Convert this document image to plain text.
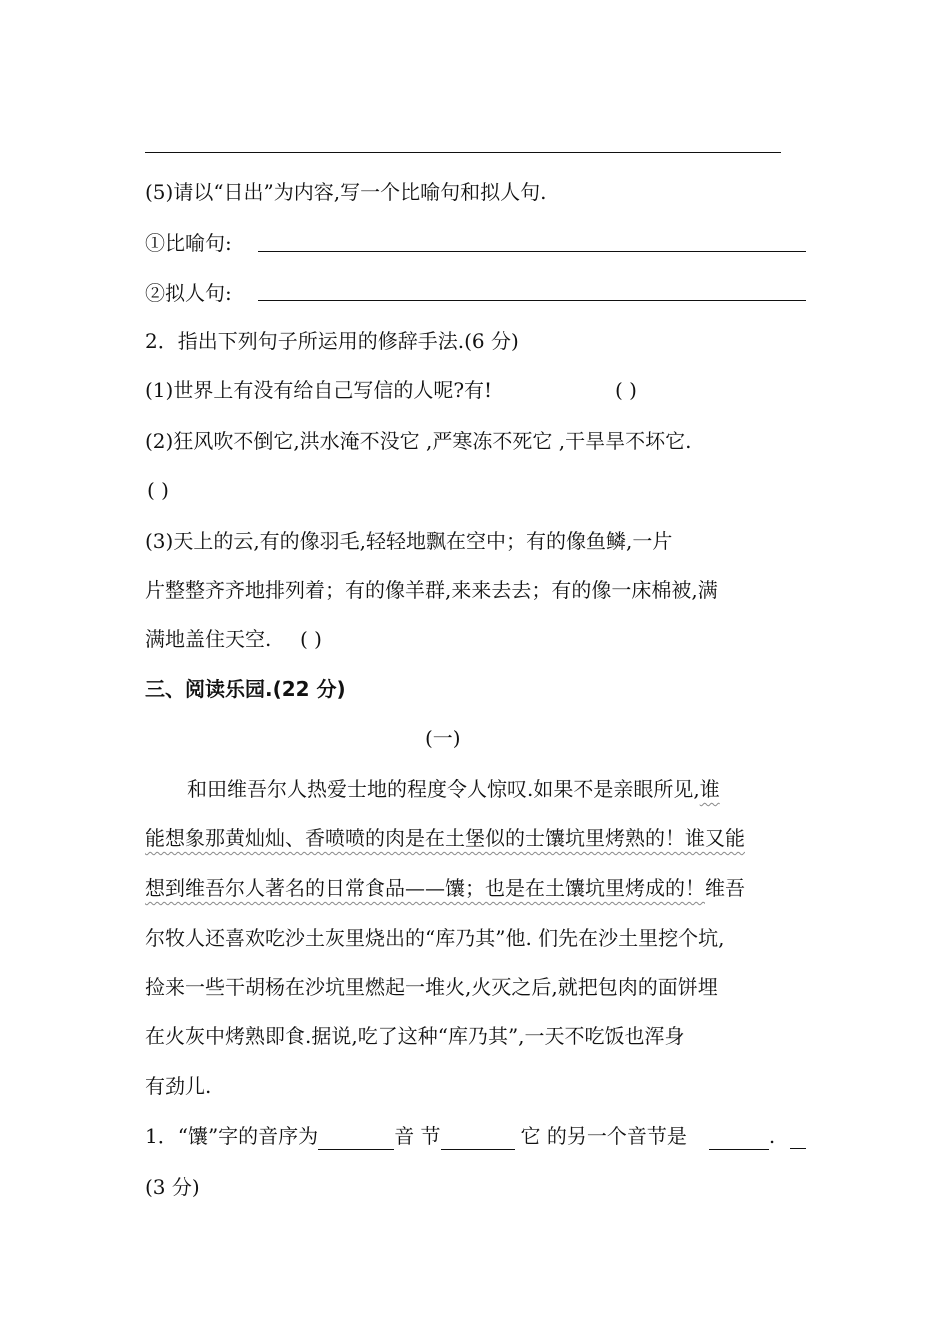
(5)请以“日出”为内容,写一个比喻句和拟人句.
①比喻句:
②拟人句:
2．指出下列句子所运用的修辞手法.(6 分)
(1)世界上有没有给自己写信的人呢?有!	( )
(2)狂风吹不倒它,洪水淹不没它 ,严寒冻不死它 ,干旱旱不坏它.
( )
(3)天上的云,有的像羽毛,轻轻地飘在空中；有的像鱼鳞,一片
片整整齐齐地排列着；有的像羊群,来来去去；有的像一床棉被,满
满地盖住天空. ( )
三、阅读乐园.(22 分)
(一)
和田维吾尔人热爱士地的程度令人惊叹.如果不是亲眼所见,谁
能想象那黄灿灿、香喷喷的肉是在土堡似的士馕坑里烤熟的！谁又能
想到维吾尔人著名的日常食品——馕；也是在土馕坑里烤成的！维吾
尔牧人还喜欢吃沙土灰里烧出的“库乃其”他. 们先在沙土里挖个坑,
捡来一些干胡杨在沙坑里燃起一堆火,火灭之后,就把包肉的面饼埋
在火灰中烤熟即食.据说,吃了这种“库乃其”,一天不吃饭也浑身
有劲儿.
1．“馕”字的音序为	音 节	它 的另一个音节是	.
(3 分)
